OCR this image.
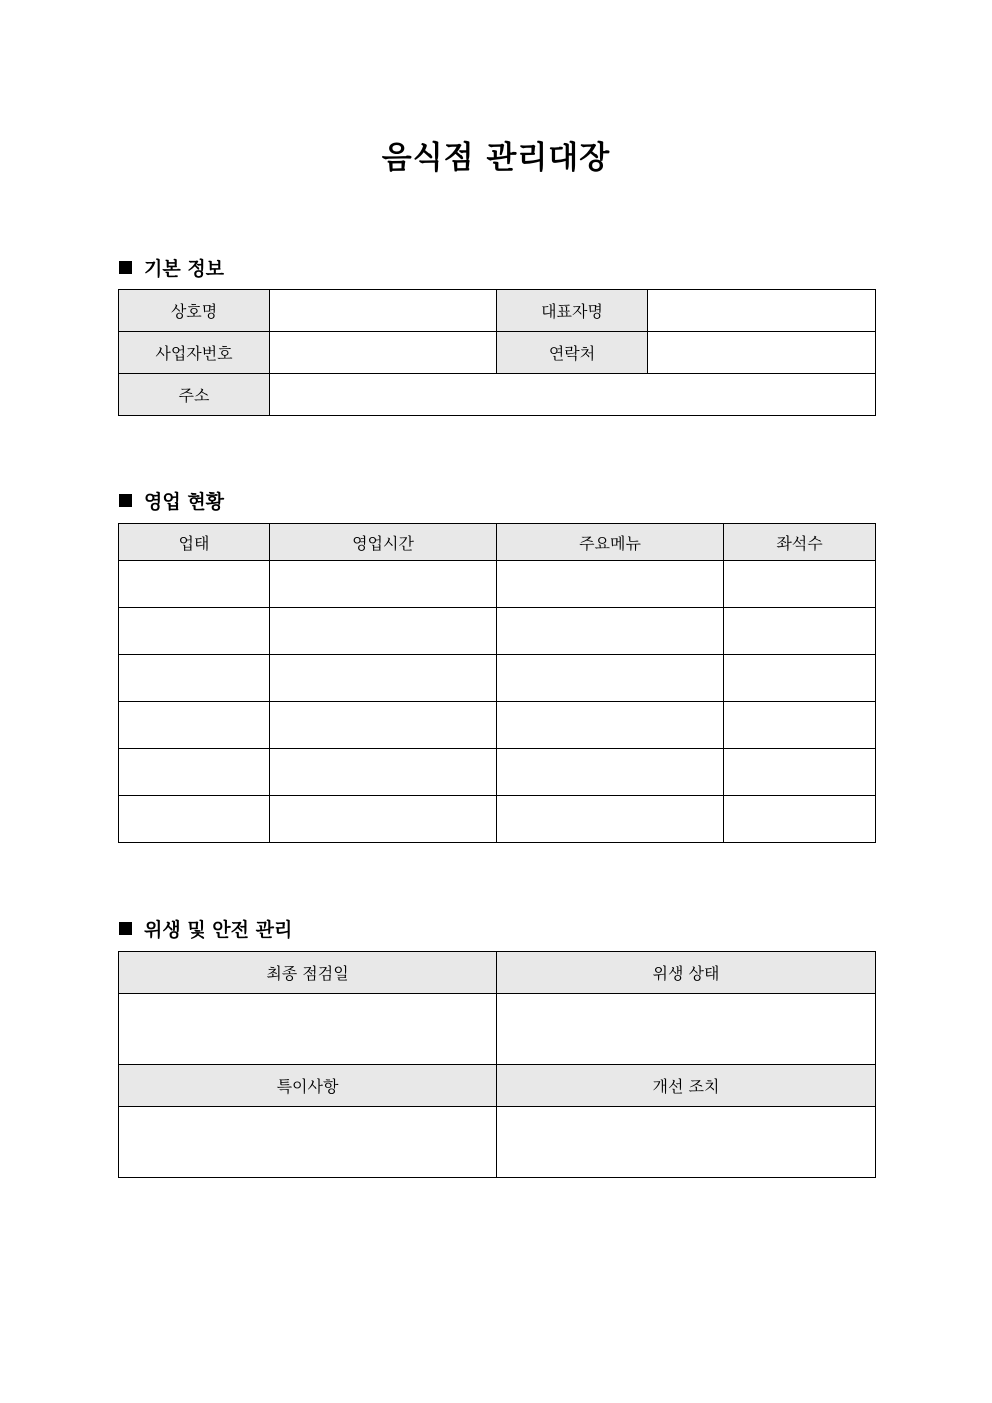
음식점 관리대장
기본 정보
상호명		대표자명	
사업자번호		연락처	
주소			
영업 현황
업태	영업시간	주요메뉴	좌석수

위생 및 안전 관리
최종 점검일	위생 상태

특이사항	개선 조치
